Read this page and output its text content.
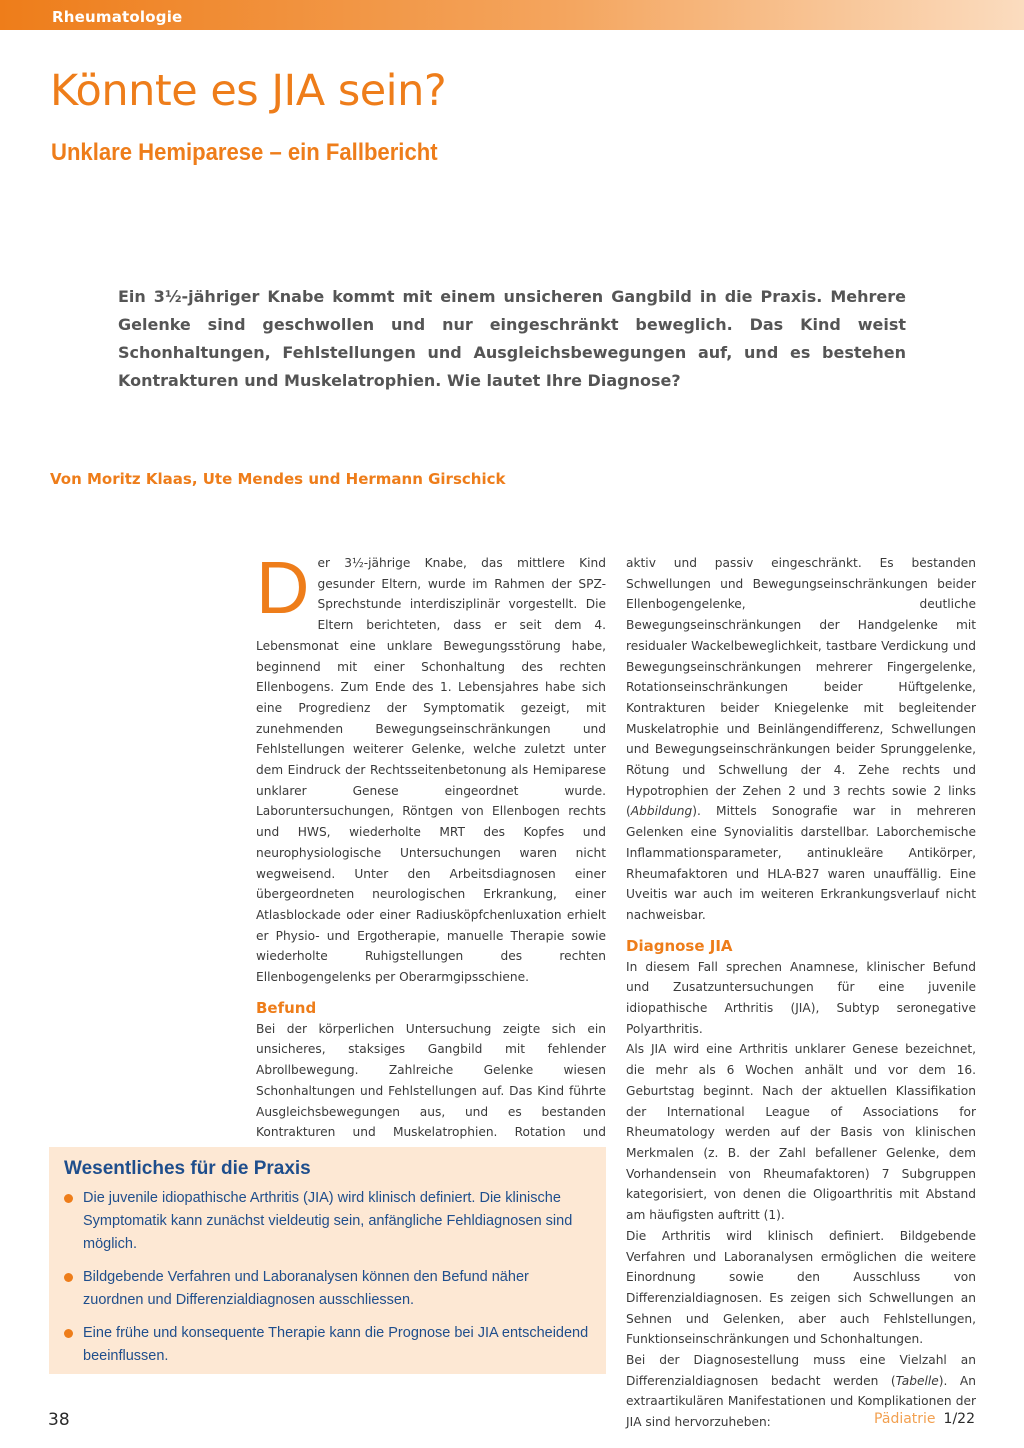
Rheumatologie
Könnte es JIA sein?
Unklare Hemiparese – ein Fallbericht

Ein 3½-jähriger Knabe kommt mit einem unsicheren Gangbild in die Praxis. Mehrere Gelenke sind geschwollen und nur eingeschränkt beweglich. Das Kind weist Schonhaltungen, Fehlstellungen und Ausgleichsbewegungen auf, und es bestehen Kontrakturen und Muskelatrophien. Wie lautet Ihre Diagnose?

Von Moritz Klaas, Ute Mendes und Hermann Girschick

Der 3½-jährige Knabe, das mittlere Kind gesunder Eltern, wurde im Rahmen der SPZ-Sprechstunde interdisziplinär vorgestellt. Die Eltern berichteten, dass er seit dem 4. Lebensmonat eine unklare Bewegungsstörung habe, beginnend mit einer Schonhaltung des rechten Ellenbogens. Zum Ende des 1. Lebensjahres habe sich eine Progredienz der Symptomatik gezeigt, mit zunehmenden Bewegungseinschränkungen und Fehlstellungen weiterer Gelenke, welche zuletzt unter dem Eindruck der Rechtsseitenbetonung als Hemiparese unklarer Genese eingeordnet wurde. Laboruntersuchungen, Röntgen von Ellenbogen rechts und HWS, wiederholte MRT des Kopfes und neurophysiologische Untersuchungen waren nicht wegweisend. Unter den Arbeitsdiagnosen einer übergeordneten neurologischen Erkrankung, einer Atlasblockade oder einer Radiusköpfchenluxation erhielt er Physio- und Ergotherapie, manuelle Therapie sowie wiederholte Ruhigstellungen des rechten Ellenbogengelenks per Oberarmgipsschiene.

Befund

Bei der körperlichen Untersuchung zeigte sich ein unsicheres, staksiges Gangbild mit fehlender Abrollbewegung. Zahlreiche Gelenke wiesen Schonhaltungen und Fehlstellungen auf. Das Kind führte Ausgleichsbewegungen aus, und es bestanden Kontrakturen und Muskelatrophien. Rotation und

aktiv und passiv eingeschränkt. Es bestanden Schwellungen und Bewegungseinschränkungen beider Ellenbogengelenke, deutliche Bewegungseinschränkungen der Handgelenke mit residualer Wackelbeweglichkeit, tastbare Verdickung und Bewegungseinschränkungen mehrerer Fingergelenke, Rotationseinschränkungen beider Hüftgelenke, Kontrakturen beider Kniegelenke mit begleitender Muskelatrophie und Beinlängendifferenz, Schwellungen und Bewegungseinschränkungen beider Sprunggelenke, Rötung und Schwellung der 4. Zehe rechts und Hypotrophien der Zehen 2 und 3 rechts sowie 2 links (Abbildung). Mittels Sonografie war in mehreren Gelenken eine Synovialitis darstellbar. Laborchemische Inflammationsparameter, antinukleäre Antikörper, Rheumafaktoren und HLA-B27 waren unauffällig. Eine Uveitis war auch im weiteren Erkrankungsverlauf nicht nachweisbar.

Diagnose JIA

In diesem Fall sprechen Anamnese, klinischer Befund und Zusatzuntersuchungen für eine juvenile idiopathische Arthritis (JIA), Subtyp seronegative Polyarthritis.

Als JIA wird eine Arthritis unklarer Genese bezeichnet, die mehr als 6 Wochen anhält und vor dem 16. Geburtstag beginnt. Nach der aktuellen Klassifikation der International League of Associations for Rheumatology werden auf der Basis von klinischen Merkmalen (z. B. der Zahl befallener Gelenke, dem Vorhandensein von Rheumafaktoren) 7 Subgruppen kategorisiert, von denen die Oligoarthritis mit Abstand am häufigsten auftritt (1).

Die Arthritis wird klinisch definiert. Bildgebende Verfahren und Laboranalysen ermöglichen die weitere Einordnung sowie den Ausschluss von Differenzialdiagnosen. Es zeigen sich Schwellungen an Sehnen und Gelenken, aber auch Fehlstellungen, Funktionseinschränkungen und Schonhaltungen.

Bei der Diagnosestellung muss eine Vielzahl an Differenzialdiagnosen bedacht werden (Tabelle). An extraartikulären Manifestationen und Komplikationen der JIA sind hervorzuheben:

Wesentliches für die Praxis
Die juvenile idiopathische Arthritis (JIA) wird klinisch definiert. Die klinische Symptomatik kann zunächst vieldeutig sein, anfängliche Fehldiagnosen sind möglich.
Bildgebende Verfahren und Laboranalysen können den Befund näher zuordnen und Differenzialdiagnosen ausschliessen.
Eine frühe und konsequente Therapie kann die Prognose bei JIA entscheidend beeinflussen.
38	Pädiatrie 1/22
